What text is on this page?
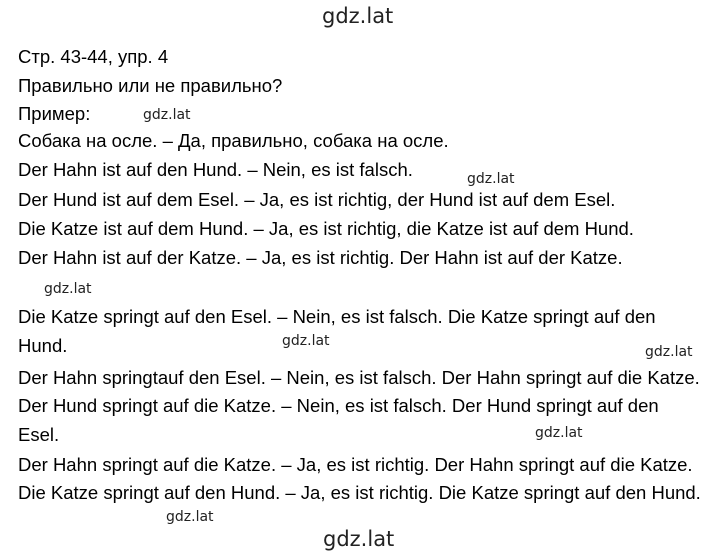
Стр. 43-44, упр. 4
Правильно или не правильно?
Пример:
Собака на осле. – Да, правильно, собака на осле.
Der Hahn ist auf den Hund. – Nein, es ist falsch.
Der Hund ist auf dem Esel. – Ja, es ist richtig, der Hund ist auf dem Esel.
Die Katze ist auf dem Hund. – Ja, es ist richtig, die Katze ist auf dem Hund.
Der Hahn ist auf der Katze. – Ja, es ist richtig. Der Hahn ist auf der Katze.
Die Katze springt auf den Esel. – Nein, es ist falsch. Die Katze springt auf den
Hund.
Der Hahn springtauf den Esel. – Nein, es ist falsch. Der Hahn springt auf die Katze.
Der Hund springt auf die Katze. – Nein, es ist falsch. Der Hund springt auf den
Esel.
Der Hahn springt auf die Katze. – Ja, es ist richtig. Der Hahn springt auf die Katze.
Die Katze springt auf den Hund. – Ja, es ist richtig. Die Katze springt auf den Hund.
gdz.lat
gdz.lat
gdz.lat
gdz.lat
gdz.lat
gdz.lat
gdz.lat
gdz.lat
gdz.lat
